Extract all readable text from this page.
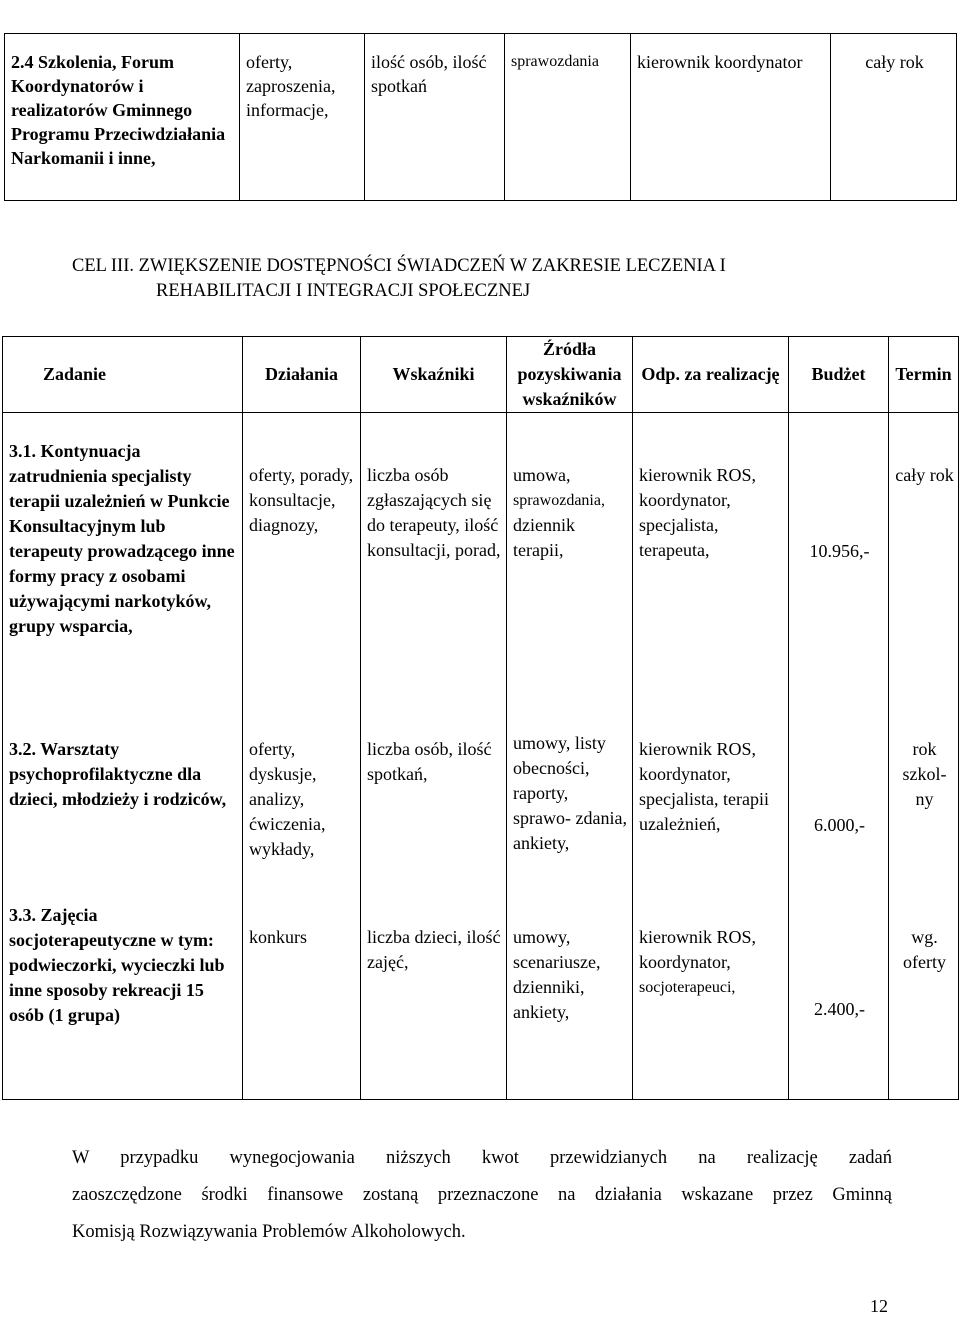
2.4 Szkolenia, Forum Koordynatorów i realizatorów Gminnego Programu Przeciwdziałania Narkomanii i inne,	oferty, zaproszenia, informacje,	ilość osób, ilość spotkań	sprawozdania	kierownik koordynator	cały rok
CEL III. ZWIĘKSZENIE DOSTĘPNOŚCI ŚWIADCZEŃ W ZAKRESIE LECZENIA I
REHABILITACJI I INTEGRACJI SPOŁECZNEJ
Zadanie	Działania	Wskaźniki	Źródła pozyskiwania wskaźników	Odp. za realizację	Budżet	Termin
3.1. Kontynuacja zatrudnienia specjalisty terapii uzależnień w Punkcie Konsultacyjnym lub terapeuty prowadzącego inne formy pracy z osobami używającymi narkotyków, grupy wsparcia,	oferty, porady, konsultacje, diagnozy,	liczba osób zgłaszających się do terapeuty, ilość konsultacji, porad,	umowa,
sprawozdania,
dziennik terapii,	kierownik ROS, koordynator, specjalista, terapeuta,	10.956,-	cały rok
3.2. Warsztaty psychoprofilaktyczne dla dzieci, młodzieży i rodziców,	oferty, dyskusje, analizy, ćwiczenia, wykłady,	liczba osób, ilość spotkań,	umowy, listy obecności, raporty, sprawo- zdania, ankiety,	kierownik ROS, koordynator, specjalista, terapii uzależnień,	6.000,-	rok szkol- ny
3.3. Zajęcia socjoterapeutyczne w tym: podwieczorki, wycieczki lub inne sposoby rekreacji 15 osób (1 grupa)	konkurs	liczba dzieci, ilość zajęć,	umowy, scenariusze, dzienniki, ankiety,	kierownik ROS, koordynator,
socjoterapeuci,	2.400,-	wg. oferty
W przypadku wynegocjowania niższych kwot przewidzianych na realizację zadań
zaoszczędzone środki finansowe zostaną przeznaczone na działania wskazane przez Gminną
Komisją Rozwiązywania Problemów Alkoholowych.
12
